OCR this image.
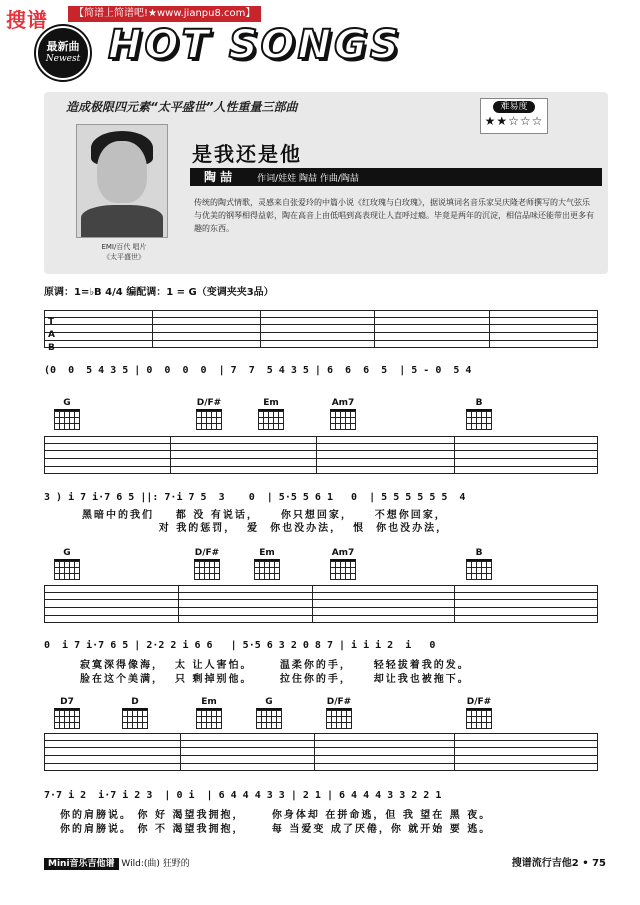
搜谱	【简谱上简谱吧!★www.jianpu8.com】
最新曲
Newest HOT SONGS
造成极限四元素“太平盛世”人性重量三部曲	难易度
★★☆☆☆
EMI/百代 唱片
《太平盛世》
是我还是他
陶 喆	作词/娃娃 陶喆 作曲/陶喆
传统的陶式情歌，灵感来自张爱玲的中篇小说《红玫瑰与白玫瑰》，据说填词名音乐家吴庆隆老师撰写的大气弦乐与优美的钢琴相得益彰，陶在高音上由低唱到高表现让人直呼过瘾。毕竟是两年的沉淀，相信品味还能带出更多有趣的东西。
原调：1=♭B 4/4 编配调：1 = G（变调夹夹3品）
T
A
B
(0  0  5 4 3 5 | 0  0  0  0  | 7  7  5 4 3 5 | 6  6  6  5  | 5 - 0  5 4
G	D/F#	Em	Am7	B
3 ) i 7 i·7 6 5 ||: 7·i 7 5  3    0  | 5·5 5 6 1   0  | 5 5 5 5 5 5  4
黑暗中的我们    都 没 有说话，    你只想回家，    不想你回家，
对 我的惩罚，  爱  你也没办法，  恨  你也没办法，
G	D/F#	Em	Am7	B
0  i 7 i·7 6 5 | 2·2 2 i 6 6   | 5·5 6 3 2 0 8 7 | i i i 2  i   0
寂寞深得像海，  太 让人害怕。     温柔你的手，    轻轻拔着我的发。
脸在这个美满，  只 剩掉别他。     拉住你的手，    却让我也被拖下。
D7	D	Em	G	D/F#	D/F#
7·7 i 2  i·7 i 2 3  | 0 i  | 6 4 4 4 3 3 | 2 1 | 6 4 4 4 3 3 2 2 1
你的肩膀说。 你 好 渴望我拥抱，     你身体却 在拼命逃，但 我 望在 黑 夜。
你的肩膀说。 你 不 渴望我拥抱，     每 当爱变 成了厌倦，你 就开始 要 逃。
Mini音乐吉他谱 Wild:(曲) 狂野的	搜谱流行吉他2 • 75
